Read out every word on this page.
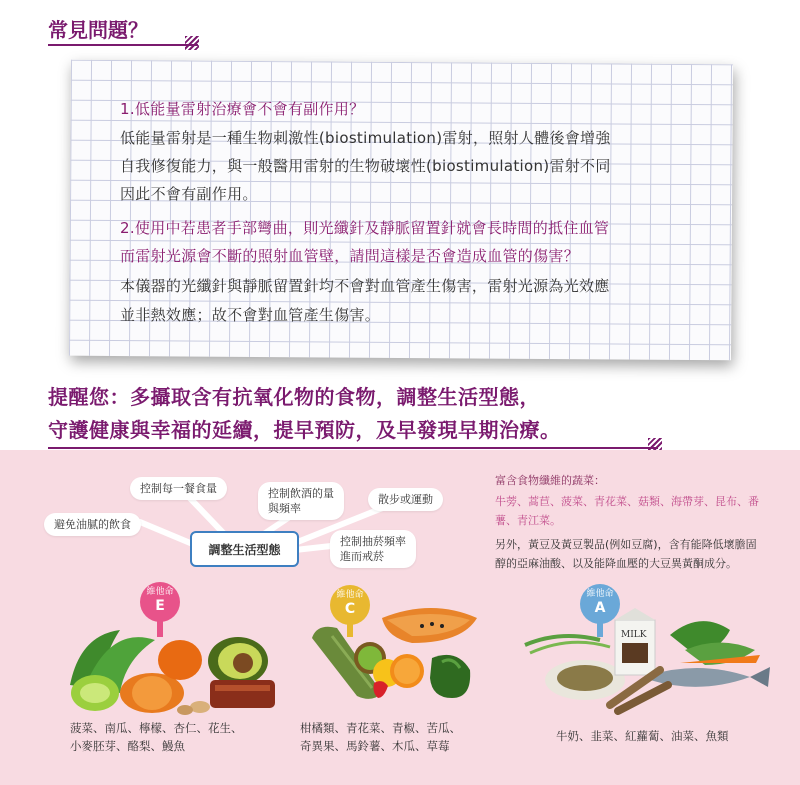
常見問題？
1.低能量雷射治療會不會有副作用？
低能量雷射是一種生物刺激性(biostimulation)雷射，照射人體後會增強
自我修復能力，與一般醫用雷射的生物破壞性(biostimulation)雷射不同
因此不會有副作用。
2.使用中若患者手部彎曲，則光纖針及靜脈留置針就會長時間的抵住血管
而雷射光源會不斷的照射血管壁，請問這樣是否會造成血管的傷害？
本儀器的光纖針與靜脈留置針均不會對血管產生傷害，雷射光源為光效應
並非熱效應；故不會對血管產生傷害。
提醒您：多攝取含有抗氧化物的食物，調整生活型態，
守護健康與幸福的延續，提早預防，及早發現早期治療。
控制每一餐食量	控制飲酒的量
與頻率
散步或運動
避免油膩的飲食
控制抽菸頻率
進而戒菸
調整生活型態
富含食物纖維的蔬菜：
牛蒡、蒿苣、菠菜、青花菜、菇類、海帶芽、昆布、番薯、青江菜。
另外，黃豆及黃豆製品(例如豆腐)，含有能降低壞膽固醇的亞麻油酸、以及能降血壓的大豆異黃酮成分。
維他命
E
菠菜、南瓜、檸檬、杏仁、花生、
小麥胚芽、酪梨、鰻魚
維他命
C
柑橘類、青花菜、青椒、苦瓜、
奇異果、馬鈴薯、木瓜、草莓
維他命
A
MILK
牛奶、韭菜、紅蘿蔔、油菜、魚類
